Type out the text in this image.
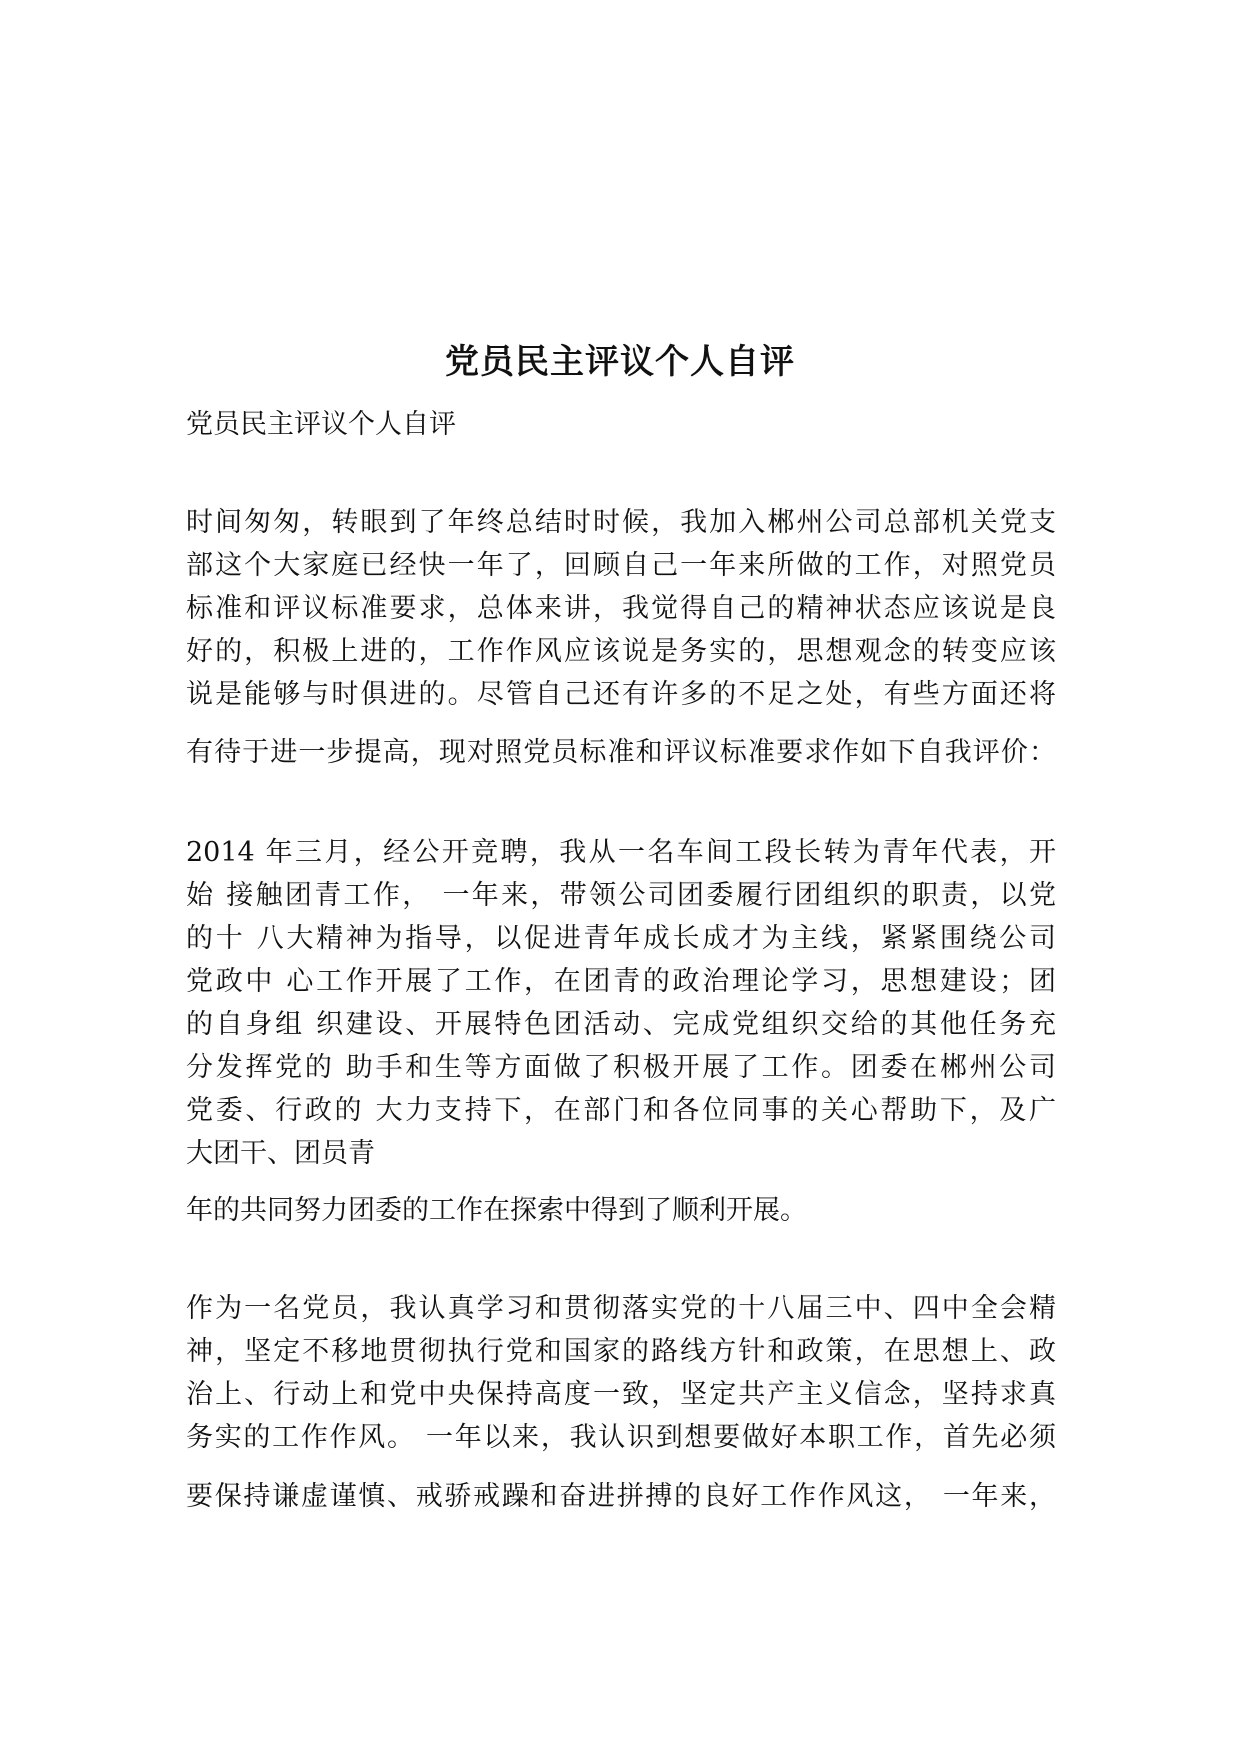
党员民主评议个人自评
党员民主评议个人自评
时间匆匆，转眼到了年终总结时时候，我加入郴州公司总部机关党支
部这个大家庭已经快一年了，回顾自己一年来所做的工作，对照党员
标准和评议标准要求，总体来讲，我觉得自己的精神状态应该说是良
好的，积极上进的，工作作风应该说是务实的，思想观念的转变应该
说是能够与时俱进的。尽管自己还有许多的不足之处，有些方面还将
有待于进一步提高，现对照党员标准和评议标准要求作如下自我评价：
2014 年三月，经公开竞聘，我从一名车间工段长转为青年代表，开
始 接触团青工作， 一年来，带领公司团委履行团组织的职责，以党
的十 八大精神为指导，以促进青年成长成才为主线，紧紧围绕公司
党政中 心工作开展了工作，在团青的政治理论学习，思想建设；团
的自身组 织建设、开展特色团活动、完成党组织交给的其他任务充
分发挥党的 助手和生等方面做了积极开展了工作。团委在郴州公司
党委、行政的 大力支持下，在部门和各位同事的关心帮助下，及广
大团干、团员青
年的共同努力团委的工作在探索中得到了顺利开展。
作为一名党员，我认真学习和贯彻落实党的十八届三中、四中全会精
神，坚定不移地贯彻执行党和国家的路线方针和政策，在思想上、政
治上、行动上和党中央保持高度一致，坚定共产主义信念，坚持求真
务实的工作作风。 一年以来，我认识到想要做好本职工作，首先必须
要保持谦虚谨慎、戒骄戒躁和奋进拼搏的良好工作作风这， 一年来，
